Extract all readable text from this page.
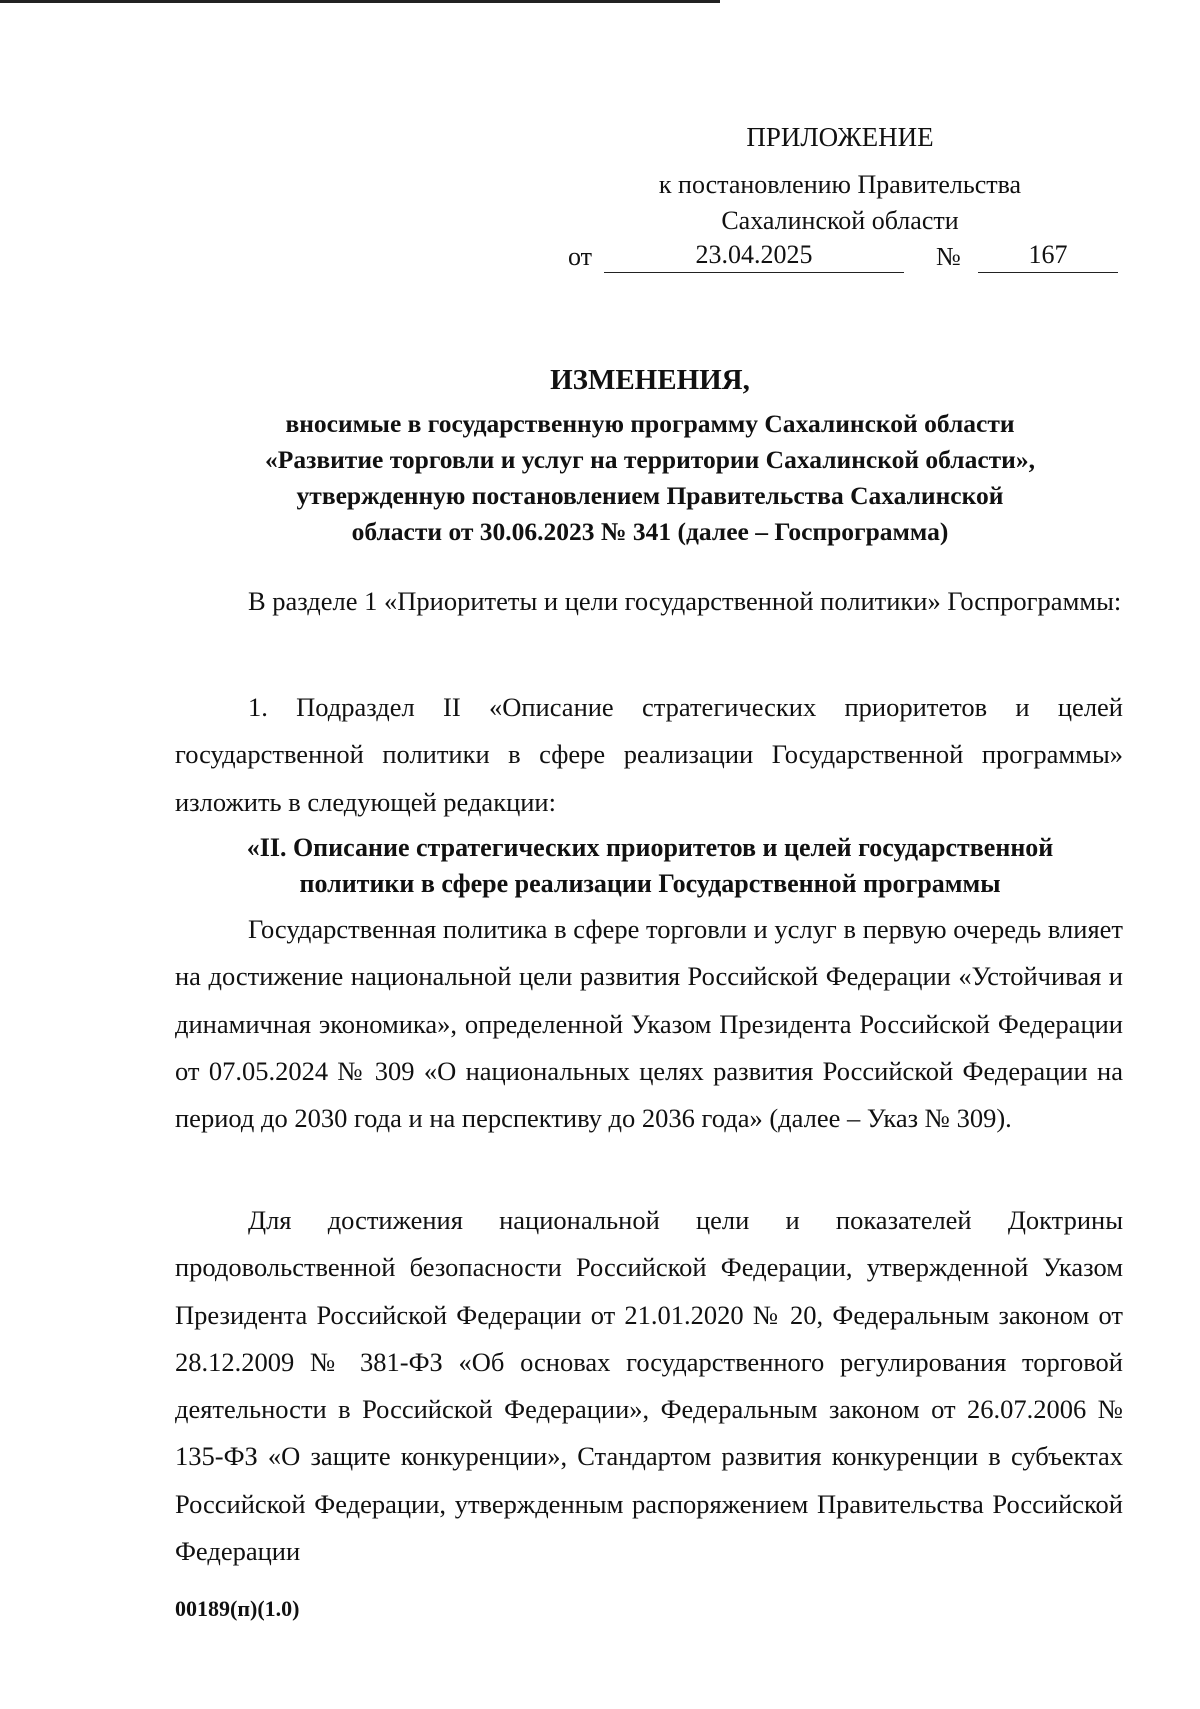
ПРИЛОЖЕНИЕ
к постановлению Правительства
Сахалинской области
от	23.04.2025	№	167
ИЗМЕНЕНИЯ,
вносимые в государственную программу Сахалинской области
«Развитие торговли и услуг на территории Сахалинской области»,
утвержденную постановлением Правительства Сахалинской
области от 30.06.2023 № 341 (далее – Госпрограмма)
В разделе 1 «Приоритеты и цели государственной политики» Госпрограммы:
1. Подраздел II «Описание стратегических приоритетов и целей государственной политики в сфере реализации Государственной программы» изложить в следующей редакции:
«II. Описание стратегических приоритетов и целей государственной
политики в сфере реализации Государственной программы
Государственная политика в сфере торговли и услуг в первую очередь влияет на достижение национальной цели развития Российской Федерации «Устойчивая и динамичная экономика», определенной Указом Президента Российской Федерации от 07.05.2024 № 309 «О национальных целях развития Российской Федерации на период до 2030 года и на перспективу до 2036 года» (далее – Указ № 309).
Для достижения национальной цели и показателей Доктрины продовольственной безопасности Российской Федерации, утвержденной Указом Президента Российской Федерации от 21.01.2020 № 20, Федеральным законом от 28.12.2009 № 381-ФЗ «Об основах государственного регулирования торговой деятельности в Российской Федерации», Федеральным законом от 26.07.2006 № 135-ФЗ «О защите конкуренции», Стандартом развития конкуренции в субъектах Российской Федерации, утвержденным распоряжением Правительства Российской Федерации
00189(п)(1.0)
